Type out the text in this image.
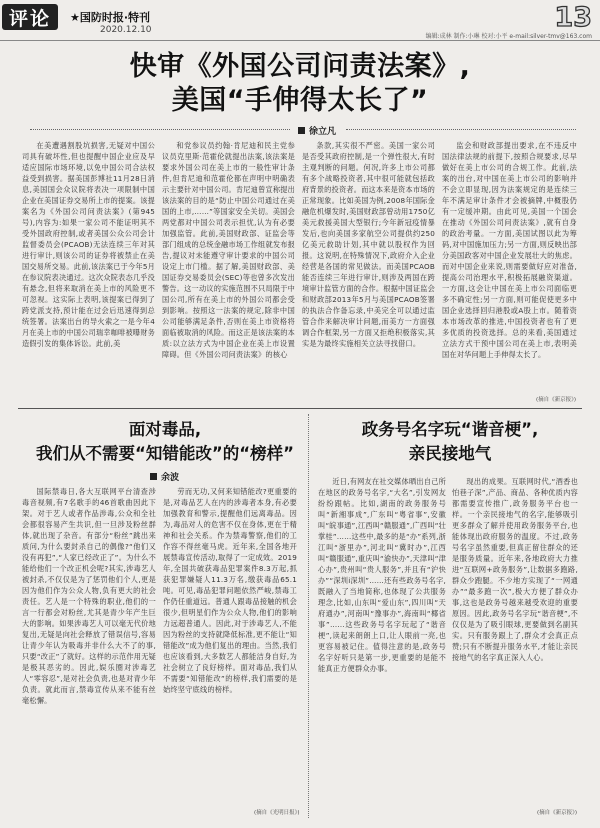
评论 ★国防时报·特刊
2020.12.10	13
编辑:成林 制作:小琳 校对:小平 e-mail:silver-tmv@163.com
快审《外国公司问责法案》,
美国“手伸得太长了”
徐立凡

在美遭遇割股坑损害,无疑对中国公司具有破坏性,但也提醒中国企业应及早适应国际市场环境,以免中国公司合法权益受到损害。据美国彭博社11月28日消息,美国国会众议院将表决一项限制中国企业在美国证券交易所上市的提案。该提案名为《外国公司问责法案》(第945号),内容为:如果一家公司不能证明其不受外国政府控制,或者美国公众公司会计监督委员会(PCAOB)无法连续三年对其进行审计,则该公司的证券将被禁止在美国交易所交易。此前,该法案已于今年5月在参议院表决通过。这次众院表态几乎没有悬念,但将来取消在美上市的风险更不可忽视。这实际上表明,该提案已得到了跨党派支持,预计能在过会后迅速得到总统签署。法案出台的导火索之一是今年4月在美上市的中国公司瑞幸咖啡被曝财务造假引发的集体诉讼。此前,美

和党参议员约翰·肯尼迪和民主党参议员克里斯·范霍伦就提出法案,该法案是要求外国公司在美上市的一般性审计条件,但肯尼迪和范霍伦都在声明中明确表示主要针对中国公司。肯尼迪曾宣称提出该法案的目的是“防止中国公司通过在美国的上市,……”等国家安全关切。美国会两党都对中国公司表示担忧,认为有必要加强监管。此前,美国财政部、证监会等部门组成的总统金融市场工作组就发布报告,提议对未能遵守审计要求的中国公司设定上市门槛。据了解,美国财政部、美国证券交易委员会(SEC)等也曾多次发出警告。这一动议的实施范围不只局限于中国公司,所有在美上市的外国公司都会受到影响。按照这一法案的规定,除非中国公司能够满足条件,否则在美上市资格将面临被取消的风险。而这正是该法案的本质:以立法方式为中国企业在美上市设置障碍。但《外国公司问责法案》的核心

条款,其实很不严密。美国一家公司是否受其政府控制,是一个弹性很大,有时主观判断的问题。何况,许多上市公司都有多个战略投资者,其中很可能就包括政府背景的投资者。而这本来是资本市场的正常现象。比如美国为例,2008年国际金融危机爆发时,美国财政部曾动用1750亿美元救援美国大型银行;今年新冠疫情暴发后,也向美国多家航空公司提供约250亿美元救助计划,其中就以股权作为回报。这说明,在特殊情况下,政府介入企业经营是各国的常见做法。而美国PCAOB能否连续三年进行审计,则涉及两国在跨境审计监管方面的合作。根据中国证监会和财政部2013年5月与美国PCAOB签署的执法合作备忘录,中美完全可以通过监管合作来解决审计问题,而美方一方面强调合作框架,另一方面又拒绝积极落实,其实是为最终实施相关立法寻找借口。

监会和财政部提出要求,在不违反中国法律法规的前提下,按照合规要求,尽早做好在美上市公司的合规工作。此前,法案的出台,对中国在美上市公司的影响并不会立即显现,因为法案规定的是连续三年不满足审计条件才会被摘牌,中概股仍有一定缓冲期。由此可见,美国一个国会在推动《外国公司问责法案》,就有自身的政治考量。一方面,美国试图以此为筹码,对中国施加压力;另一方面,则反映出部分美国政客对中国企业发展壮大的焦虑。而对中国企业来说,则需要做好应对准备,提高公司治理水平,积极拓展融资渠道。一方面,这会让中国在美上市公司面临更多不确定性;另一方面,则可能促使更多中国企业选择回归港股或A股上市。随着资本市场改革的推进,中国投资者也有了更多优质的投资选择。总的来看,美国通过立法方式干预中国公司在美上市,表明美国在对华问题上手伸得太长了。

(摘自《新京报》)
面对毒品,
我们从不需要“知错能改”的“榜样”
余波

国际禁毒日,各大互联网平台清查涉毒音视频,有7名歌手的46首歌曲因此下架。对于艺人或者作品涉毒,公众和全社会都很容易产生共识,但一旦涉及粉丝群体,就出现了杂音。有部分“粉丝”跳出来质问,为什么要封杀自己的偶像?“他们又没有再犯”,“人家已经改正了”。为什么不能给他们一个改正机会呢?其实,涉毒艺人被封杀,不仅仅是为了惩罚他们个人,更是因为他们作为公众人物,负有更大的社会责任。艺人是一个特殊的职业,他们的一言一行都会对粉丝,尤其是青少年产生巨大的影响。如果涉毒艺人可以毫无代价地复出,无疑是向社会释放了错误信号,容易让青少年认为吸毒并非什么大不了的事,只要“改正”了就好。这样的示范作用无疑是极其恶劣的。因此,娱乐圈对涉毒艺人“零容忍”,是对社会负责,也是对青少年负责。就此而言,禁毒宣传从来不能有丝毫松懈。

劳而无功,又何来知错能改?更重要的是,对毒品艺人在内的涉毒者本身,有必要加强教育和警示,提醒他们远离毒品。因为,毒品对人的危害不仅在身体,更在于精神和社会关系。作为禁毒警察,他们的工作容不得丝毫马虎。近年来,全国各地开展禁毒宣传活动,取得了一定成效。2019年,全国共破获毒品犯罪案件8.3万起,抓获犯罪嫌疑人11.3万名,缴获毒品65.1吨。可见,毒品犯罪问题依然严峻,禁毒工作仍任重道远。普通人跟毒品接触的机会很少,但明星们作为公众人物,他们的影响力远超普通人。因此,对于涉毒艺人,不能因为粉丝的支持就降低标准,更不能让“知错能改”成为他们复出的理由。当然,我们也应该看到,大多数艺人都能洁身自好,为社会树立了良好榜样。面对毒品,我们从不需要“知错能改”的榜样,我们需要的是始终坚守底线的榜样。

(摘自《光明日报》)
政务号名字玩“谐音梗”,
亲民接地气

近日,有网友在社交媒体晒出自己所在地区的政务号名字,“大名”,引发网友纷纷跟帖。比如,湖南的政务服务号叫“新湘事成”,广东叫“粤省事”,安徽叫“皖事通”,江西叫“赣服通”,广西叫“壮掌桂”……这些中,最多的是“办”系列,浙江叫“浙里办”,河北叫“冀时办”,江西叫“赣服通”,重庆叫“渝快办”,天津叫“津心办”,贵州叫“贵人服务”,并且有“沪快办”“深圳i深圳”……还有些政务号名字,既融入了当地简称,也体现了公共服务理念,比如,山东叫“爱山东”,四川叫“天府通办”,河南叫“豫事办”,海南叫“椰省事”……这些政务号名字玩起了“谐音梗”,读起来朗朗上口,让人眼前一亮,也更容易被记住。值得注意的是,政务号名字好听只是第一步,更重要的是能不能真正方便群众办事。

现出的成果。互联网时代,“酒香也怕巷子深”,产品、商品、各种优质内容都需要宣传推广,政务服务平台也一样。一个亲民接地气的名字,能够吸引更多群众了解并使用政务服务平台,也能体现出政府服务的温度。不过,政务号名字虽然重要,但真正留住群众的还是服务质量。近年来,各地政府大力推进“互联网+政务服务”,让数据多跑路,群众少跑腿。不少地方实现了“一网通办”“最多跑一次”,极大方便了群众办事,这也是政务号越来越受欢迎的重要原因。因此,政务号名字玩“谐音梗”,不仅仅是为了吸引眼球,更要做到名副其实。只有服务跟上了,群众才会真正点赞;只有不断提升服务水平,才能让亲民接地气的名字真正深入人心。

(摘自《新京报》)
